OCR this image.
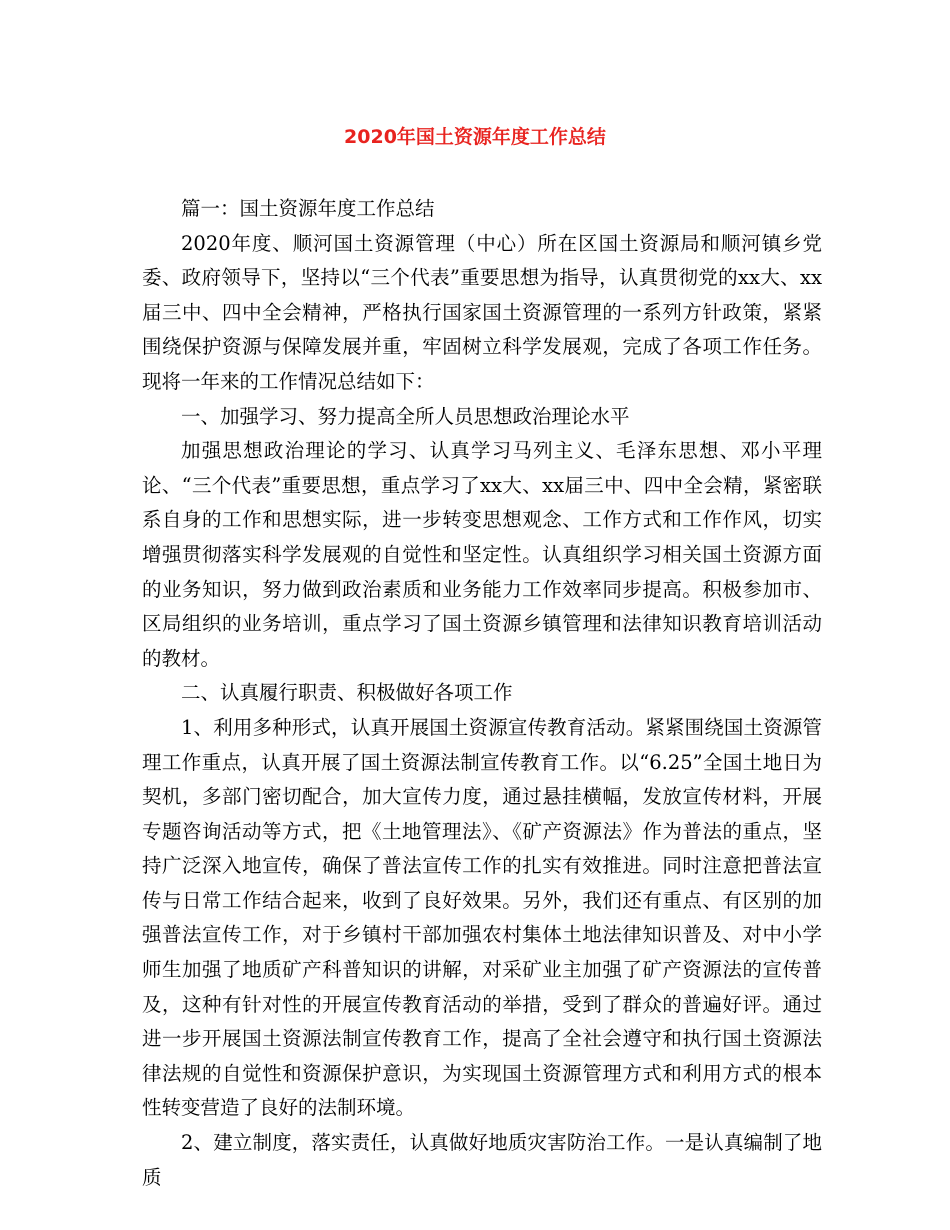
2020年国土资源年度工作总结

篇一：国土资源年度工作总结

2020年度、顺河国土资源管理（中心）所在区国土资源局和顺河镇乡党委、政府领导下，坚持以“三个代表”重要思想为指导，认真贯彻党的xx大、xx届三中、四中全会精神，严格执行国家国土资源管理的一系列方针政策，紧紧围绕保护资源与保障发展并重，牢固树立科学发展观，完成了各项工作任务。现将一年来的工作情况总结如下：

一、加强学习、努力提高全所人员思想政治理论水平

加强思想政治理论的学习、认真学习马列主义、毛泽东思想、邓小平理论、“三个代表”重要思想，重点学习了xx大、xx届三中、四中全会精，紧密联系自身的工作和思想实际，进一步转变思想观念、工作方式和工作作风，切实增强贯彻落实科学发展观的自觉性和坚定性。认真组织学习相关国土资源方面的业务知识，努力做到政治素质和业务能力工作效率同步提高。积极参加市、区局组织的业务培训，重点学习了国土资源乡镇管理和法律知识教育培训活动的教材。

二、认真履行职责、积极做好各项工作

1、利用多种形式，认真开展国土资源宣传教育活动。紧紧围绕国土资源管理工作重点，认真开展了国土资源法制宣传教育工作。以“6.25”全国土地日为契机，多部门密切配合，加大宣传力度，通过悬挂横幅，发放宣传材料，开展专题咨询活动等方式，把《土地管理法》、《矿产资源法》作为普法的重点，坚持广泛深入地宣传，确保了普法宣传工作的扎实有效推进。同时注意把普法宣传与日常工作结合起来，收到了良好效果。另外，我们还有重点、有区别的加强普法宣传工作，对于乡镇村干部加强农村集体土地法律知识普及、对中小学师生加强了地质矿产科普知识的讲解，对采矿业主加强了矿产资源法的宣传普及，这种有针对性的开展宣传教育活动的举措，受到了群众的普遍好评。通过进一步开展国土资源法制宣传教育工作，提高了全社会遵守和执行国土资源法律法规的自觉性和资源保护意识，为实现国土资源管理方式和利用方式的根本性转变营造了良好的法制环境。

2、建立制度，落实责任，认真做好地质灾害防治工作。一是认真编制了地质
